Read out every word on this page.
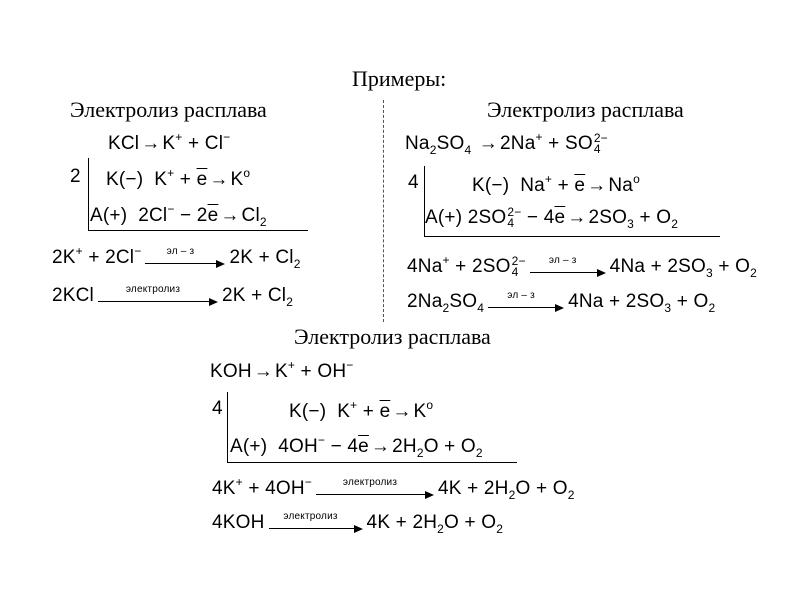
Примеры:
Электролиз расплава
KCl → K+ + Cl−
2 K(−) $K^+ + \overline{e} \to K^o$
A(+) $2Cl^- - 2\overline{e} \to Cl_2$
2K+ + 2Cl−	эл – з	$2K + Cl_2$
2KCl	электролиз	$2K + Cl_2$
Электролиз расплава
$Na_2SO_4 \to 2Na^+$ + SO 2−
4
4	K(−) $Na^+ + \overline{e} \to Na^o$
A(+) 2SO 2−
$4 - 4\overline{e} \to 2SO_3 + O_2$
4Na+ + 2SO 2−
4
эл – з	$4Na + 2SO_3 + O_2$
$2Na_2SO_4$
эл – з	$4Na + 2SO_3 + O_2$
Электролиз расплава
KOH → K+ + OH−
4	K(−) $K^+ + \overline{e} \to K^o$
A(+) $4OH^- - 4\overline{e} \to 2H_2O + O_2$
4K+ + 4OH−	электролиз	$4K + 2H_2O + O_2$
4KOH	электролиз	$4K + 2H_2O + O_2$
